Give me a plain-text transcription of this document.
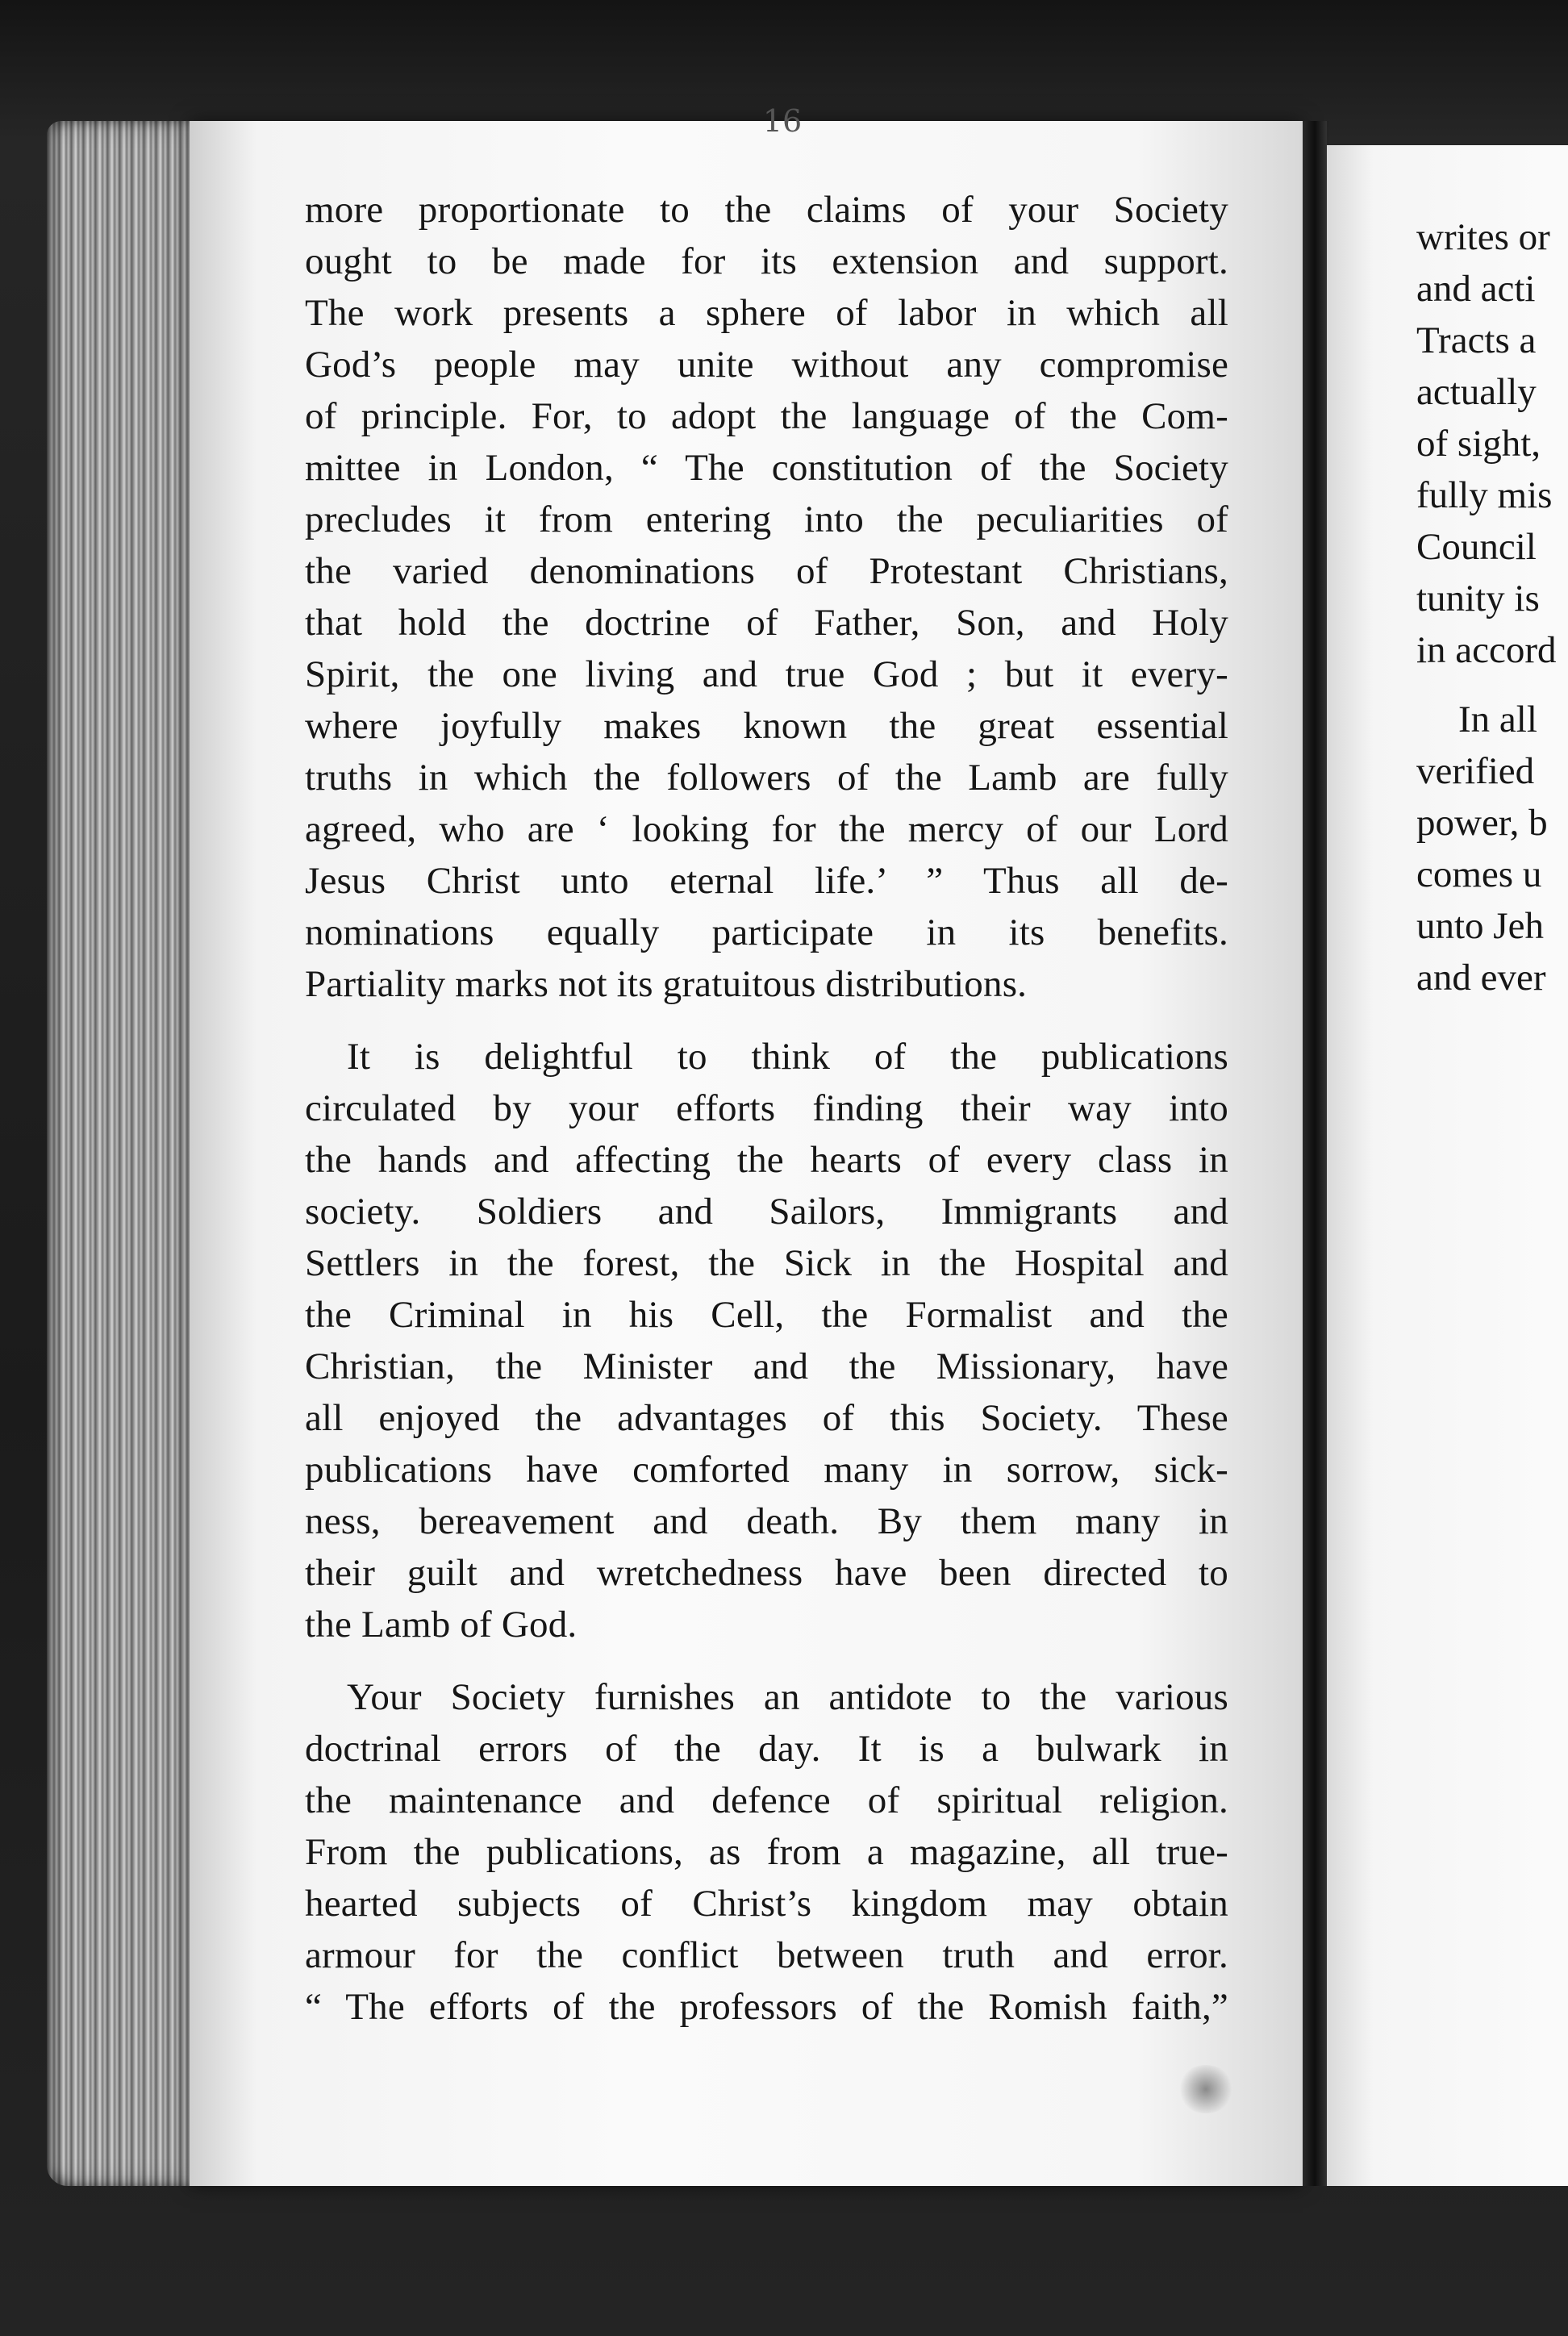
16
more proportionate to the claims of your Society
ought to be made for its extension and support.
The work presents a sphere of labor in which all
God’s people may unite without any compromise
of principle. For, to adopt the language of the Com-
mittee in London, “ The constitution of the Society
precludes it from entering into the peculiarities of
the varied denominations of Protestant Christians,
that hold the doctrine of Father, Son, and Holy
Spirit, the one living and true God ; but it every-
where joyfully makes known the great essential
truths in which the followers of the Lamb are fully
agreed, who are ‘ looking for the mercy of our Lord
Jesus Christ unto eternal life.’ ” Thus all de-
nominations equally participate in its benefits.
Partiality marks not its gratuitous distributions.
It is delightful to think of the publications
circulated by your efforts finding their way into
the hands and affecting the hearts of every class in
society. Soldiers and Sailors, Immigrants and
Settlers in the forest, the Sick in the Hospital and
the Criminal in his Cell, the Formalist and the
Christian, the Minister and the Missionary, have
all enjoyed the advantages of this Society. These
publications have comforted many in sorrow, sick-
ness, bereavement and death. By them many in
their guilt and wretchedness have been directed to
the Lamb of God.
Your Society furnishes an antidote to the various
doctrinal errors of the day. It is a bulwark in
the maintenance and defence of spiritual religion.
From the publications, as from a magazine, all true-
hearted subjects of Christ’s kingdom may obtain
armour for the conflict between truth and error.
“ The efforts of the professors of the Romish faith,”
writes or
and acti
Tracts a
actually
of sight,
fully mis
Council
tunity is
in accord
In all
verified
power, b
comes u
unto Jeh
and ever
